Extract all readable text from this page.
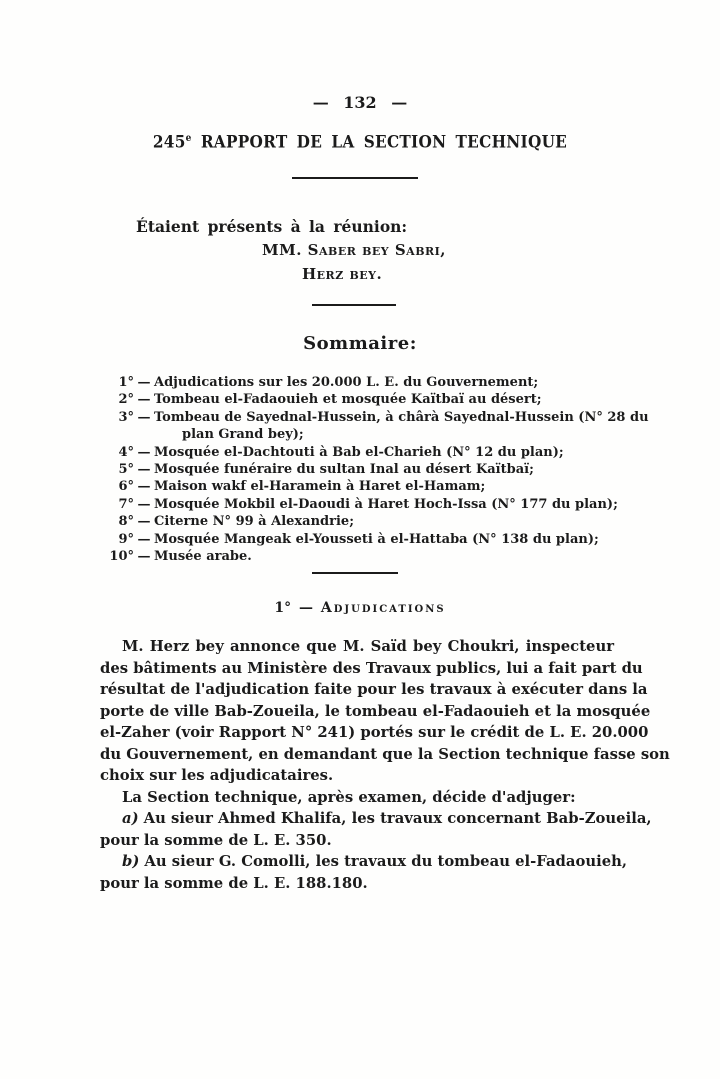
— 132 —
245e RAPPORT DE LA SECTION TECHNIQUE
Étaient présents à la réunion:
MM. Saber bey Sabri,
Herz bey.
Sommaire:
1° — Adjudications sur les 20.000 L. E. du Gouvernement;
2° — Tombeau el-Fadaouieh et mosquée Kaïtbaï au désert;
3° — Tombeau de Sayednal-Hussein, à chârà Sayednal-Hussein (N° 28 du
plan Grand bey);
4° — Mosquée el-Dachtouti à Bab el-Charieh (N° 12 du plan);
5° — Mosquée funéraire du sultan Inal au désert Kaïtbaï;
6° — Maison wakf el-Haramein à Haret el-Hamam;
7° — Mosquée Mokbil el-Daoudi à Haret Hoch-Issa (N° 177 du plan);
8° — Citerne N° 99 à Alexandrie;
9° — Mosquée Mangeak el-Yousseti à el-Hattaba (N° 138 du plan);
10° — Musée arabe.
1° — Adjudications
M. Herz bey annonce que M. Saïd bey Choukri, inspecteur
des bâtiments au Ministère des Travaux publics, lui a fait part du
résultat de l'adjudication faite pour les travaux à exécuter dans la
porte de ville Bab-Zoueila, le tombeau el-Fadaouieh et la mosquée
el-Zaher (voir Rapport N° 241) portés sur le crédit de L. E. 20.000
du Gouvernement, en demandant que la Section technique fasse son
choix sur les adjudicataires.
La Section technique, après examen, décide d'adjuger:
a) Au sieur Ahmed Khalifa, les travaux concernant Bab-Zoueila,
pour la somme de L. E. 350.
b) Au sieur G. Comolli, les travaux du tombeau el-Fadaouieh,
pour la somme de L. E. 188.180.
